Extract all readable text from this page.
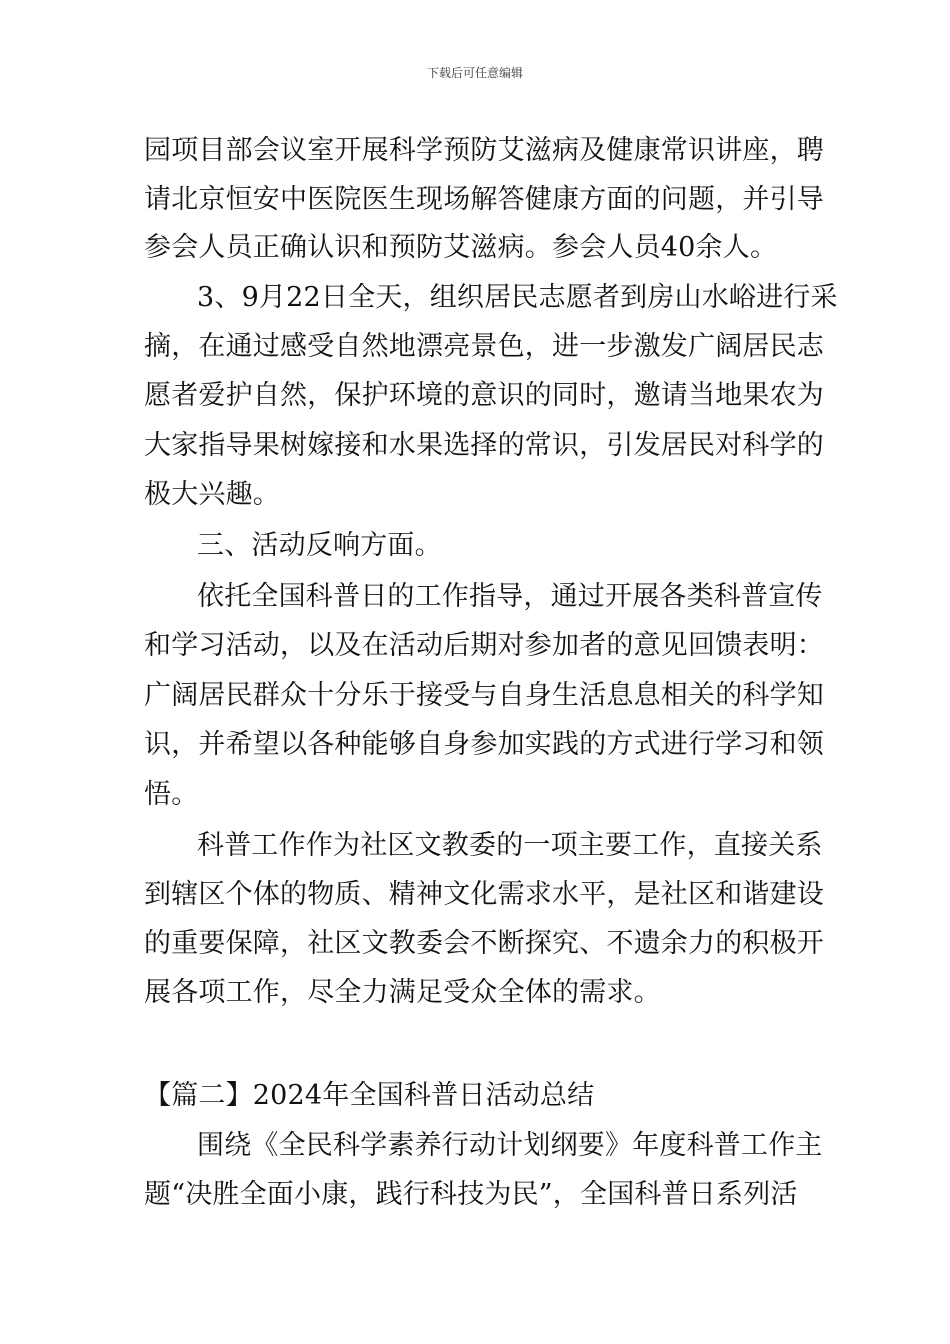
下载后可任意编辑
园项目部会议室开展科学预防艾滋病及健康常识讲座，聘
请北京恒安中医院医生现场解答健康方面的问题，并引导
参会人员正确认识和预防艾滋病。参会人员40余人。
3、9月22日全天，组织居民志愿者到房山水峪进行采
摘，在通过感受自然地漂亮景色，进一步激发广阔居民志
愿者爱护自然，保护环境的意识的同时，邀请当地果农为
大家指导果树嫁接和水果选择的常识，引发居民对科学的
极大兴趣。
三、活动反响方面。
依托全国科普日的工作指导，通过开展各类科普宣传
和学习活动，以及在活动后期对参加者的意见回馈表明：
广阔居民群众十分乐于接受与自身生活息息相关的科学知
识，并希望以各种能够自身参加实践的方式进行学习和领
悟。
科普工作作为社区文教委的一项主要工作，直接关系
到辖区个体的物质、精神文化需求水平，是社区和谐建设
的重要保障，社区文教委会不断探究、不遗余力的积极开
展各项工作，尽全力满足受众全体的需求。
【篇二】2024年全国科普日活动总结
围绕《全民科学素养行动计划纲要》年度科普工作主
题“决胜全面小康，践行科技为民”，全国科普日系列活
